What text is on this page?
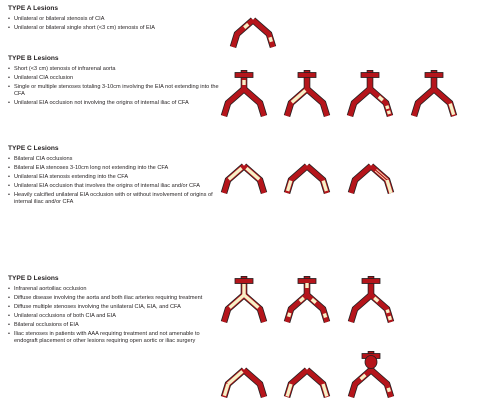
TYPE A Lesions
• Unilateral or bilateral stenosis of CIA
• Unilateral or bilateral single short (<3 cm) stenosis of EIA
TYPE B Lesions
• Short (<3 cm) stenosis of infrarenal aorta
• Unilateral CIA occlusion
• Single or multiple stenoses totaling 3-10cm involving the EIA not extending into the CFA
• Unilateral EIA occlusion not involving the origins of internal iliac of CFA
TYPE C Lesions
• Bilateral CIA occlusions
• Bilateral EIA stenoses 3-10cm long not extending into the CFA
• Unilateral EIA stenosis extending into the CFA
• Unilateral EIA occlusion that involves the origins of internal iliac and/or CFA
• Heavily calcified unilateral EIA occlusion with or without involvement of origins of internal iliac and/or CFA
TYPE D Lesions
• Infrarenal aortoiliac occlusion
• Diffuse disease involving the aorta and both iliac arteries requiring treatment
• Diffuse multiple stenoses involving the unilateral CIA, EIA, and CFA
• Unilateral occlusions of both CIA and EIA
• Bilateral occlusions of EIA
• Iliac stenoses in patients with AAA requiring treatment and not amenable to endograft placement or other lesions requiring open aortic or iliac surgery
